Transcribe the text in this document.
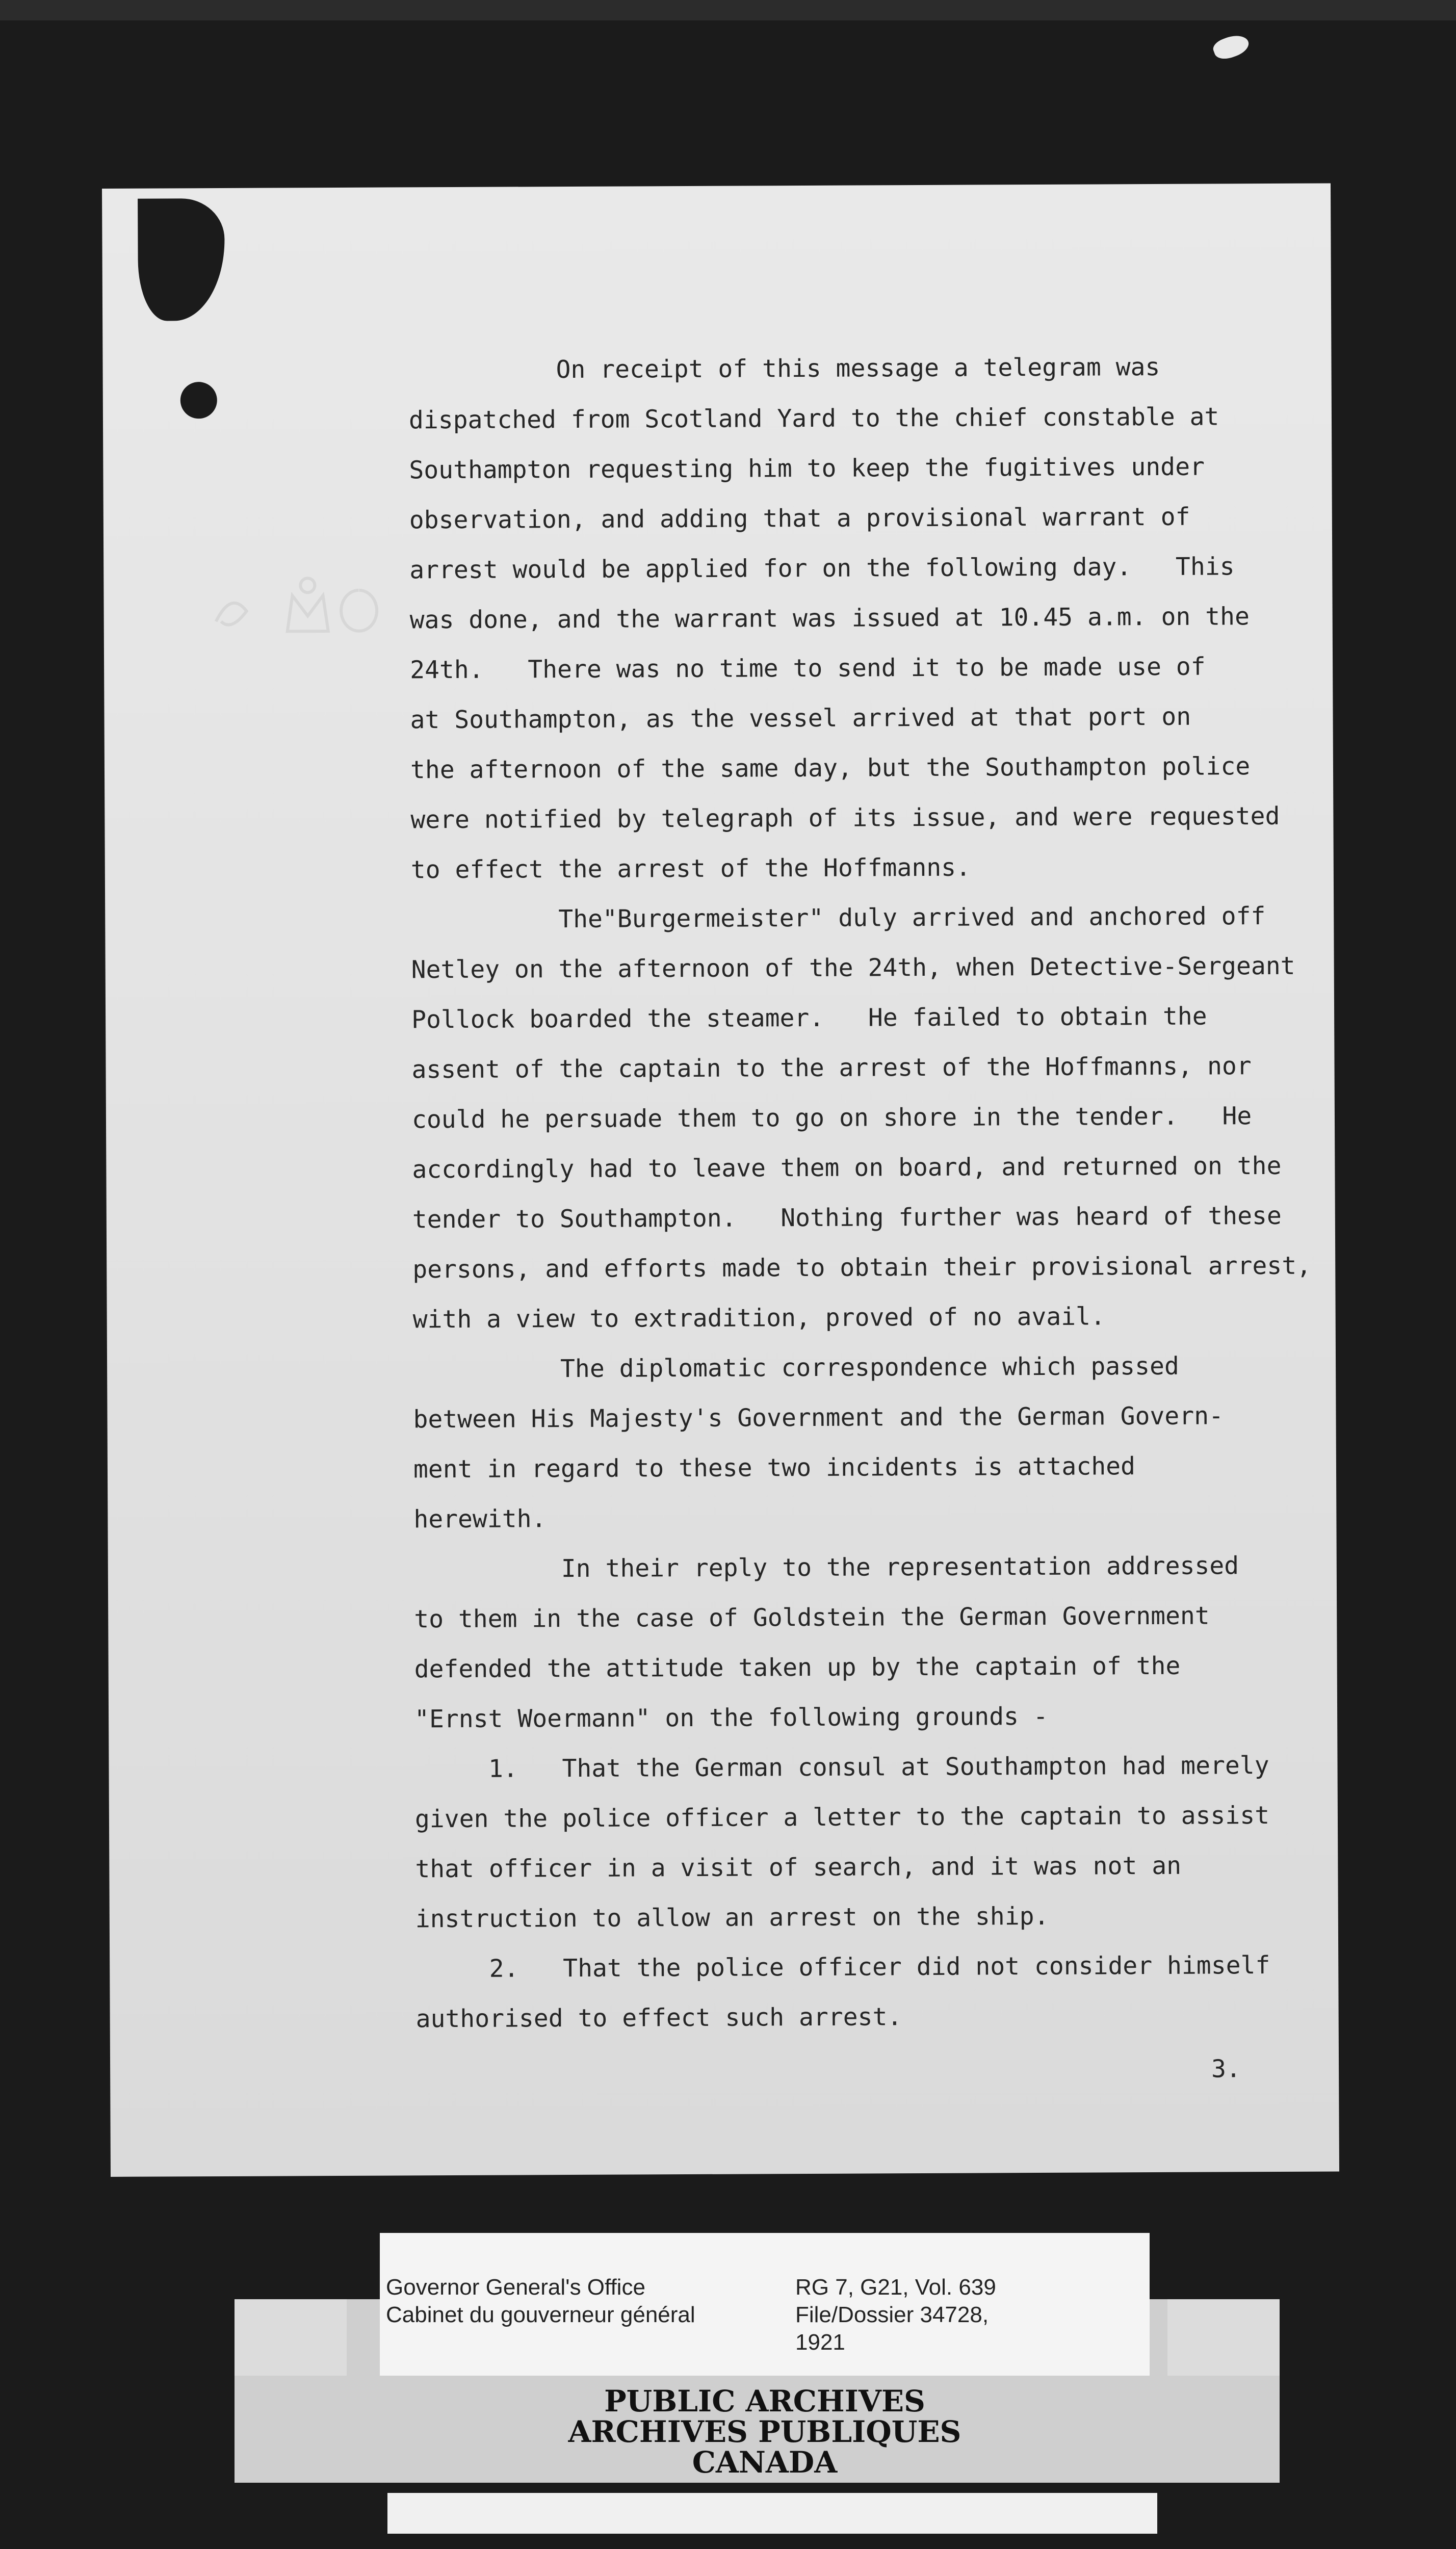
On receipt of this message a telegram was
dispatched from Scotland Yard to the chief constable at
Southampton requesting him to keep the fugitives under
observation, and adding that a provisional warrant of
arrest would be applied for on the following day.   This
was done, and the warrant was issued at 10.45 a.m. on the
24th.   There was no time to send it to be made use of
at Southampton, as the vessel arrived at that port on
the afternoon of the same day, but the Southampton police
were notified by telegraph of its issue, and were requested
to effect the arrest of the Hoffmanns.
The"Burgermeister" duly arrived and anchored off
Netley on the afternoon of the 24th, when Detective-Sergeant
Pollock boarded the steamer.   He failed to obtain the
assent of the captain to the arrest of the Hoffmanns, nor
could he persuade them to go on shore in the tender.   He
accordingly had to leave them on board, and returned on the
tender to Southampton.   Nothing further was heard of these
persons, and efforts made to obtain their provisional arrest,
with a view to extradition, proved of no avail.
The diplomatic correspondence which passed
between His Majesty's Government and the German Govern-
ment in regard to these two incidents is attached
herewith.
In their reply to the representation addressed
to them in the case of Goldstein the German Government
defended the attitude taken up by the captain of the
"Ernst Woermann" on the following grounds -
1.   That the German consul at Southampton had merely
given the police officer a letter to the captain to assist
that officer in a visit of search, and it was not an
instruction to allow an arrest on the ship.
2.   That the police officer did not consider himself
authorised to effect such arrest.
3.
Governor General's Office
Cabinet du gouverneur général
RG 7, G21, Vol. 639
File/Dossier 34728,
1921
PUBLIC ARCHIVES
ARCHIVES PUBLIQUES
CANADA
